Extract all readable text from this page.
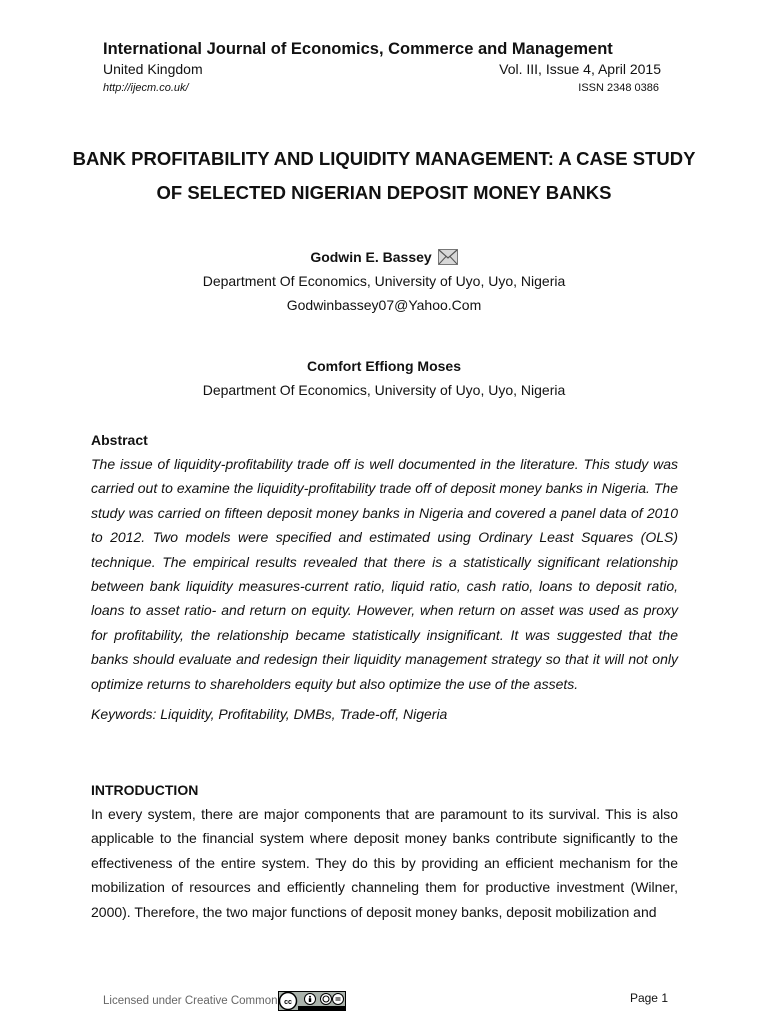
International Journal of Economics, Commerce and Management
United Kingdom	Vol. III, Issue 4, April 2015
http://ijecm.co.uk/	ISSN 2348 0386
BANK PROFITABILITY AND LIQUIDITY MANAGEMENT: A CASE STUDY OF SELECTED NIGERIAN DEPOSIT MONEY BANKS
Godwin E. Bassey
Department Of Economics, University of Uyo, Uyo, Nigeria
Godwinbassey07@Yahoo.Com
Comfort Effiong Moses
Department Of Economics, University of Uyo, Uyo, Nigeria
Abstract

The issue of liquidity-profitability trade off is well documented in the literature. This study was carried out to examine the liquidity-profitability trade off of deposit money banks in Nigeria. The study was carried on fifteen deposit money banks in Nigeria and covered a panel data of 2010 to 2012. Two models were specified and estimated using Ordinary Least Squares (OLS) technique. The empirical results revealed that there is a statistically significant relationship between bank liquidity measures-current ratio, liquid ratio, cash ratio, loans to deposit ratio, loans to asset ratio- and return on equity. However, when return on asset was used as proxy for profitability, the relationship became statistically insignificant. It was suggested that the banks should evaluate and redesign their liquidity management strategy so that it will not only optimize returns to shareholders equity but also optimize the use of the assets.

Keywords: Liquidity, Profitability, DMBs, Trade-off, Nigeria
INTRODUCTION

In every system, there are major components that are paramount to its survival. This is also applicable to the financial system where deposit money banks contribute significantly to the effectiveness of the entire system. They do this by providing an efficient mechanism for the mobilization of resources and efficiently channeling them for productive investment (Wilner, 2000). Therefore, the two major functions of deposit money banks, deposit mobilization and

Licensed under Creative Common cc	Page 1
